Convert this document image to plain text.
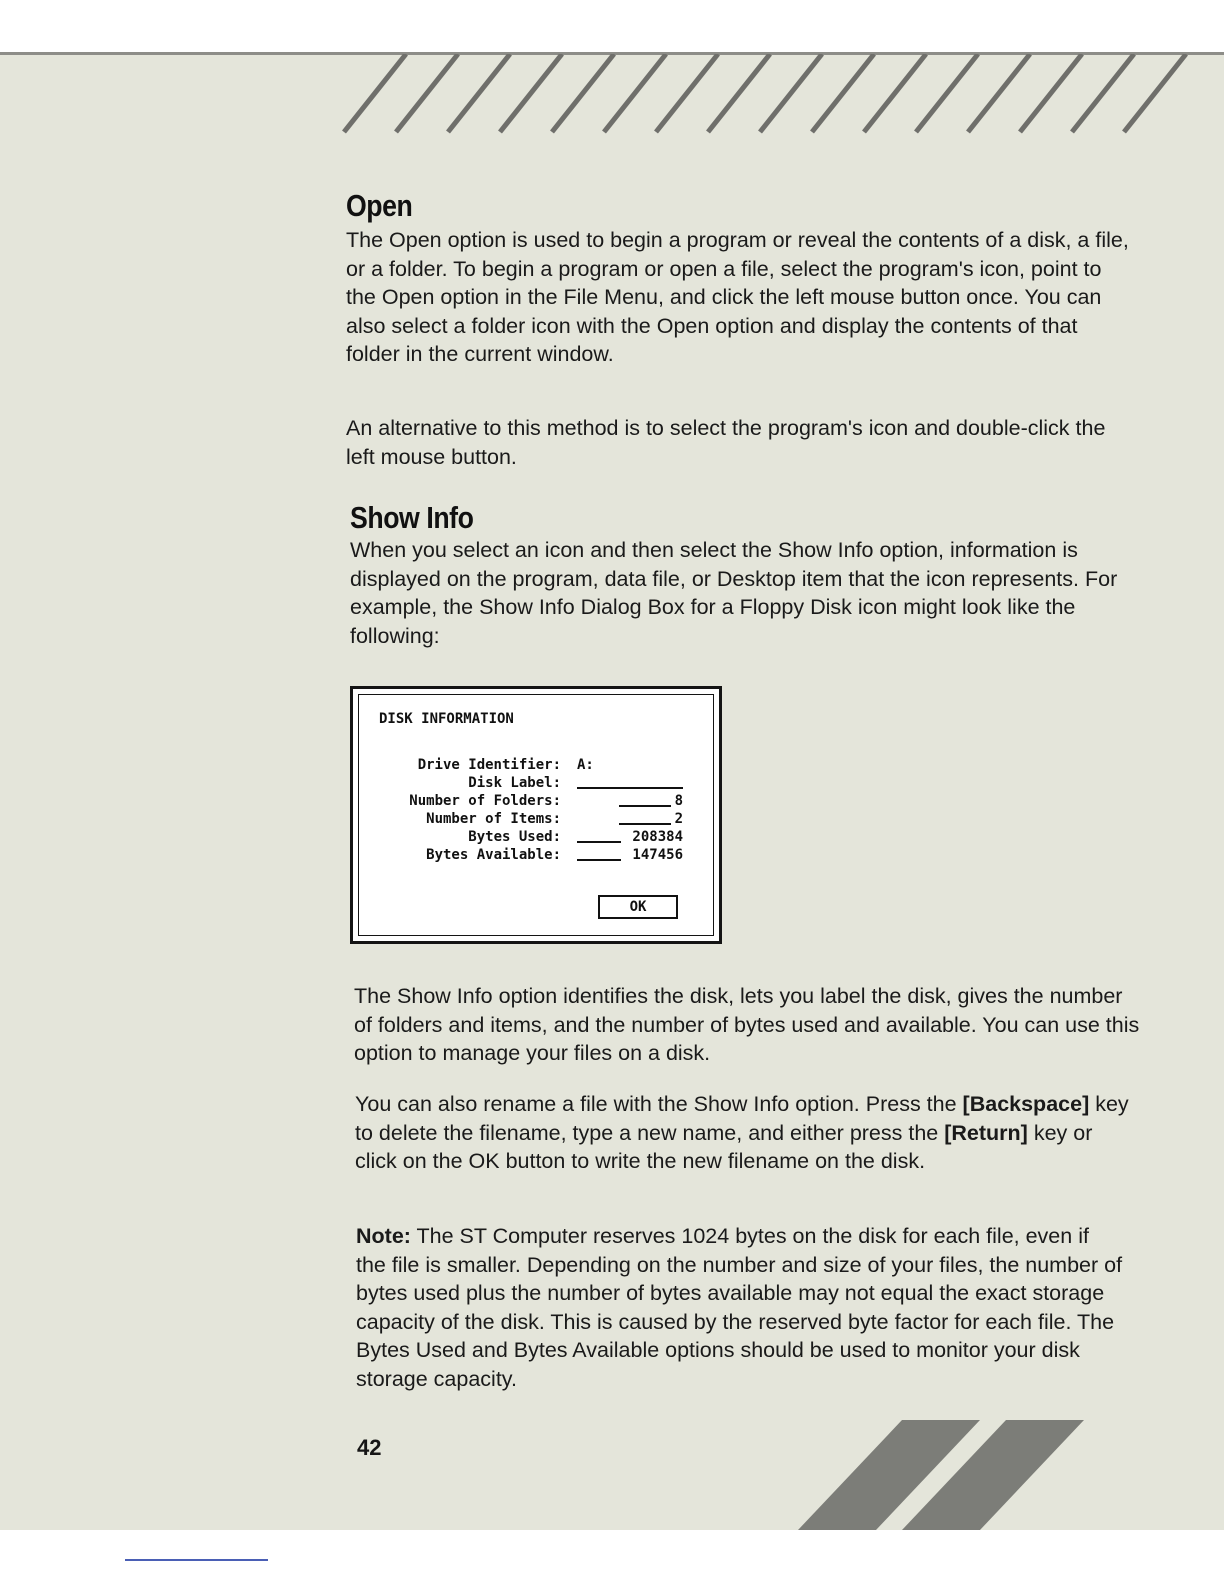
Open

The Open option is used to begin a program or reveal the contents of a disk, a file, or a folder. To begin a program or open a file, select the program's icon, point to the Open option in the File Menu, and click the left mouse button once. You can also select a folder icon with the Open option and display the contents of that folder in the current window.

An alternative to this method is to select the program's icon and double-click the left mouse button.

Show Info

When you select an icon and then select the Show Info option, information is displayed on the program, data file, or Desktop item that the icon represents. For example, the Show Info Dialog Box for a Floppy Disk icon might look like the following:

DISK INFORMATION
Drive Identifier: A:
Disk Label:
Number of Folders:	8
Number of Items:	2
Bytes Used:	208384
Bytes Available:	147456
OK

The Show Info option identifies the disk, lets you label the disk, gives the number of folders and items, and the number of bytes used and available. You can use this option to manage your files on a disk.

You can also rename a file with the Show Info option. Press the [Backspace] key to delete the filename, type a new name, and either press the [Return] key or click on the OK button to write the new filename on the disk.

Note: The ST Computer reserves 1024 bytes on the disk for each file, even if the file is smaller. Depending on the number and size of your files, the number of bytes used plus the number of bytes available may not equal the exact storage capacity of the disk. This is caused by the reserved byte factor for each file. The Bytes Used and Bytes Available options should be used to monitor your disk storage capacity.

42
